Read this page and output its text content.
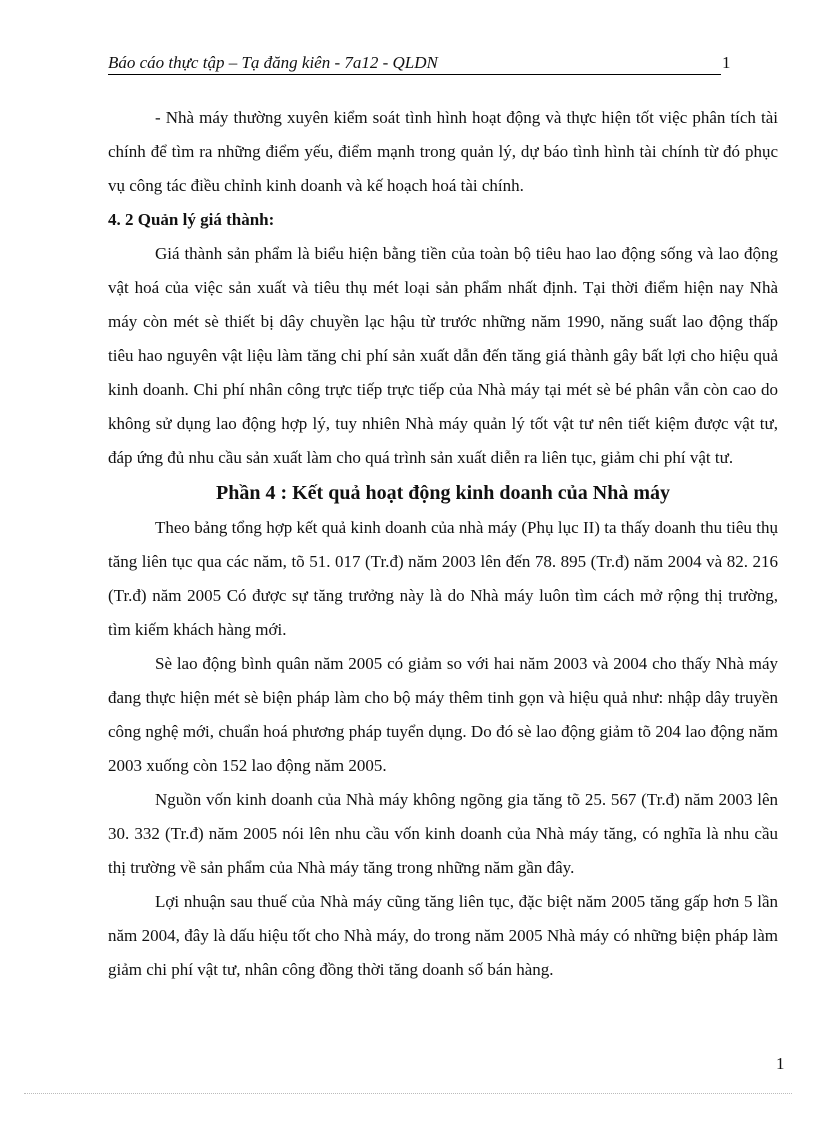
Báo cáo thực tập – Tạ đăng kiên - 7a12 - QLDN	1

- Nhà máy thường xuyên kiểm soát tình hình hoạt động và thực hiện tốt việc phân tích tài chính để tìm ra những điểm yếu, điểm mạnh trong quản lý, dự báo tình hình tài chính từ đó phục vụ công tác điều chỉnh kinh doanh và kế hoạch hoá tài chính.

4. 2 Quản lý giá thành:

Giá thành sản phẩm là biểu hiện bằng tiền của toàn bộ tiêu hao lao động sống và lao động vật hoá của việc sản xuất và tiêu thụ mét loại sản phẩm nhất định. Tại thời điểm hiện nay Nhà máy còn mét sè thiết bị dây chuyền lạc hậu từ trước những năm 1990, năng suất lao động thấp tiêu hao nguyên vật liệu làm tăng chi phí sản xuất dẫn đến tăng giá thành gây bất lợi cho hiệu quả kinh doanh. Chi phí nhân công trực tiếp trực tiếp của Nhà máy tại mét sè bé phân vẫn còn cao do không sử dụng lao động hợp lý, tuy nhiên Nhà máy quản lý tốt vật tư nên tiết kiệm được vật tư, đáp ứng đủ nhu cầu sản xuất làm cho quá trình sản xuất diễn ra liên tục, giảm chi phí vật tư.

Phần 4 : Kết quả hoạt động kinh doanh của Nhà máy

Theo bảng tổng hợp kết quả kinh doanh của nhà máy (Phụ lục II) ta thấy doanh thu tiêu thụ tăng liên tục qua các năm, tõ 51. 017 (Tr.đ) năm 2003 lên đến 78. 895 (Tr.đ) năm 2004 và 82. 216 (Tr.đ) năm 2005 Có được sự tăng trưởng này là do Nhà máy luôn tìm cách mở rộng thị trường, tìm kiếm khách hàng mới.

Sè lao động bình quân năm 2005 có giảm so với hai năm 2003 và 2004 cho thấy Nhà máy đang thực hiện mét sè biện pháp làm cho bộ máy thêm tinh gọn và hiệu quả như: nhập dây truyền công nghệ mới, chuẩn hoá phương pháp tuyển dụng. Do đó sè lao động giảm tõ 204 lao động năm 2003 xuống còn 152 lao động năm 2005.

Nguồn vốn kinh doanh của Nhà máy không ngõng gia tăng tõ 25. 567 (Tr.đ) năm 2003 lên 30. 332 (Tr.đ) năm 2005 nói lên nhu cầu vốn kinh doanh của Nhà máy tăng, có nghĩa là nhu cầu thị trường về sản phẩm của Nhà máy tăng trong những năm gần đây.

Lợi nhuận sau thuế của Nhà máy cũng tăng liên tục, đặc biệt năm 2005 tăng gấp hơn 5 lần năm 2004, đây là dấu hiệu tốt cho Nhà máy, do trong năm 2005 Nhà máy có những biện pháp làm giảm chi phí vật tư, nhân công đồng thời tăng doanh số bán hàng.

1
